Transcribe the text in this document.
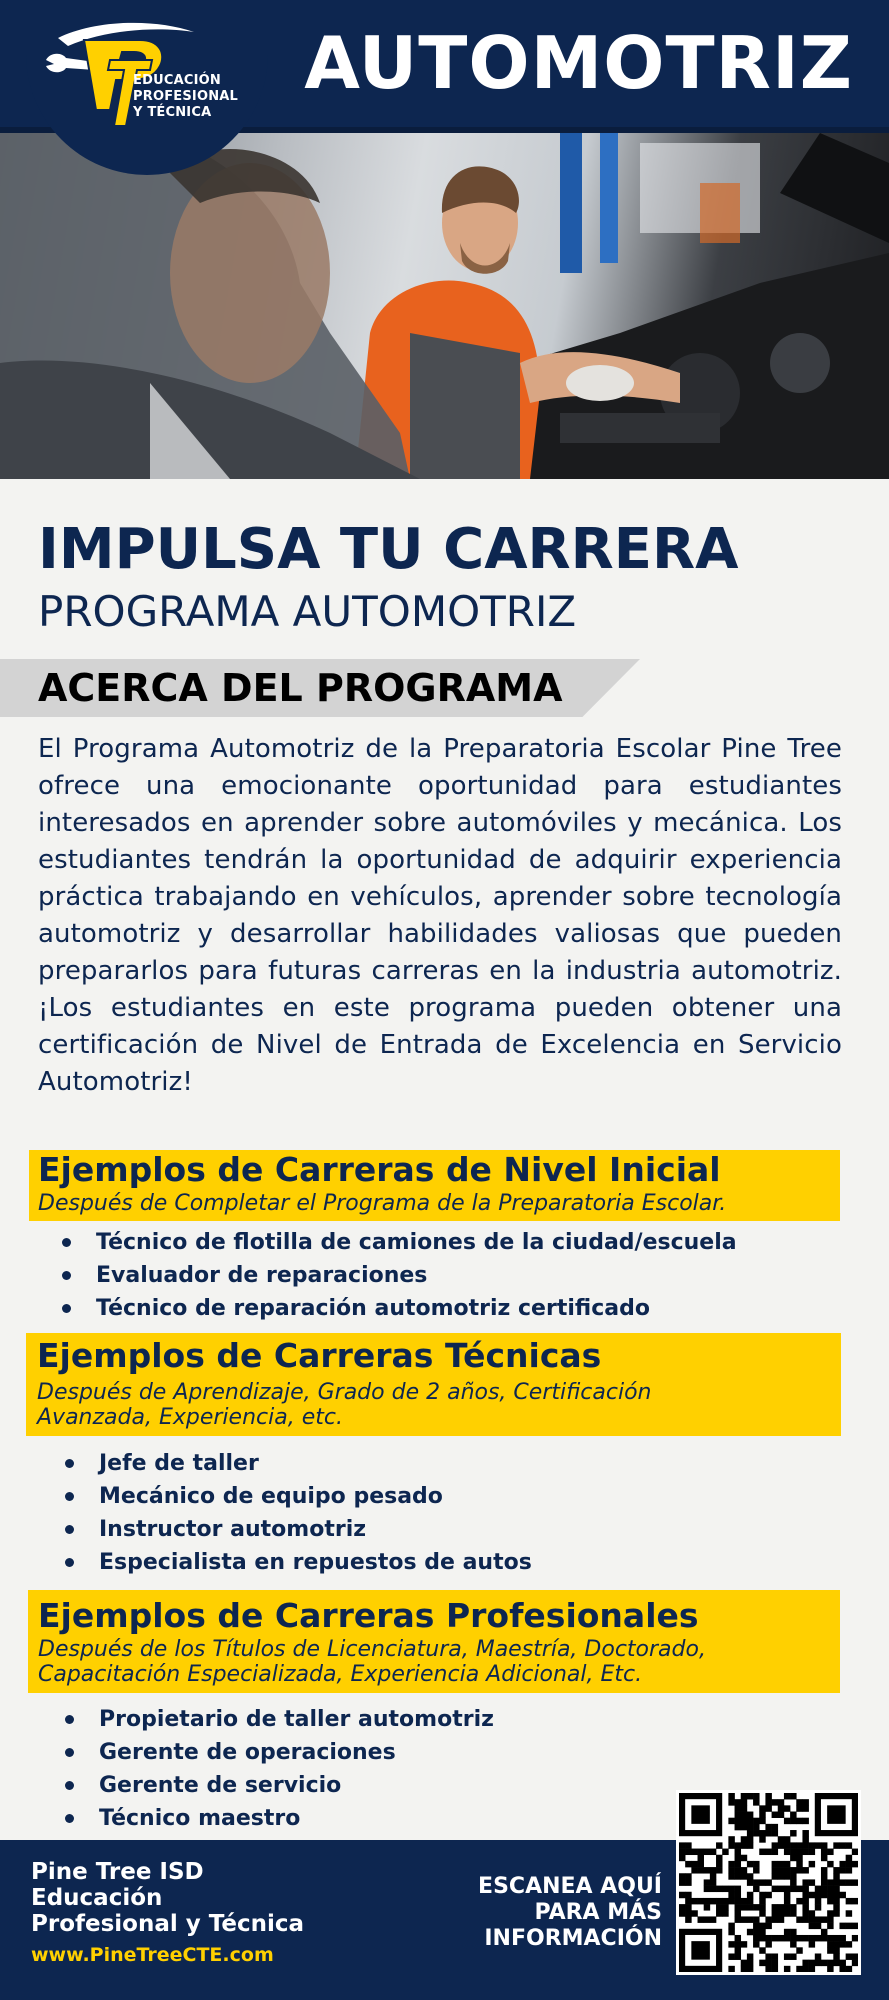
AUTOMOTRIZ
EDUCACIÓN
PROFESIONAL
Y TÉCNICA
IMPULSA TU CARRERA
PROGRAMA AUTOMOTRIZ
ACERCA DEL PROGRAMA
El Programa Automotriz de la Preparatoria Escolar Pine Tree ofrece una emocionante oportunidad para estudiantes interesados en aprender sobre automóviles y mecánica. Los estudiantes tendrán la oportunidad de adquirir experiencia práctica trabajando en vehículos, aprender sobre tecnología automotriz y desarrollar habilidades valiosas que pueden prepararlos para futuras carreras en la industria automotriz. ¡Los estudiantes en este programa pueden obtener una certificación de Nivel de Entrada de Excelencia en Servicio Automotriz!
Ejemplos de Carreras de Nivel Inicial
Después de Completar el Programa de la Preparatoria Escolar.
Técnico de flotilla de camiones de la ciudad/escuela
Evaluador de reparaciones
Técnico de reparación automotriz certificado
Ejemplos de Carreras Técnicas
Después de Aprendizaje, Grado de 2 años, Certificación
Avanzada, Experiencia, etc.
Jefe de taller
Mecánico de equipo pesado
Instructor automotriz
Especialista en repuestos de autos
Ejemplos de Carreras Profesionales
Después de los Títulos de Licenciatura, Maestría, Doctorado,
Capacitación Especializada, Experiencia Adicional, Etc.
Propietario de taller automotriz
Gerente de operaciones
Gerente de servicio
Técnico maestro
Pine Tree ISD
Educación
Profesional y Técnica
www.PineTreeCTE.com
ESCANEA AQUÍ
PARA MÁS
INFORMACIÓN
